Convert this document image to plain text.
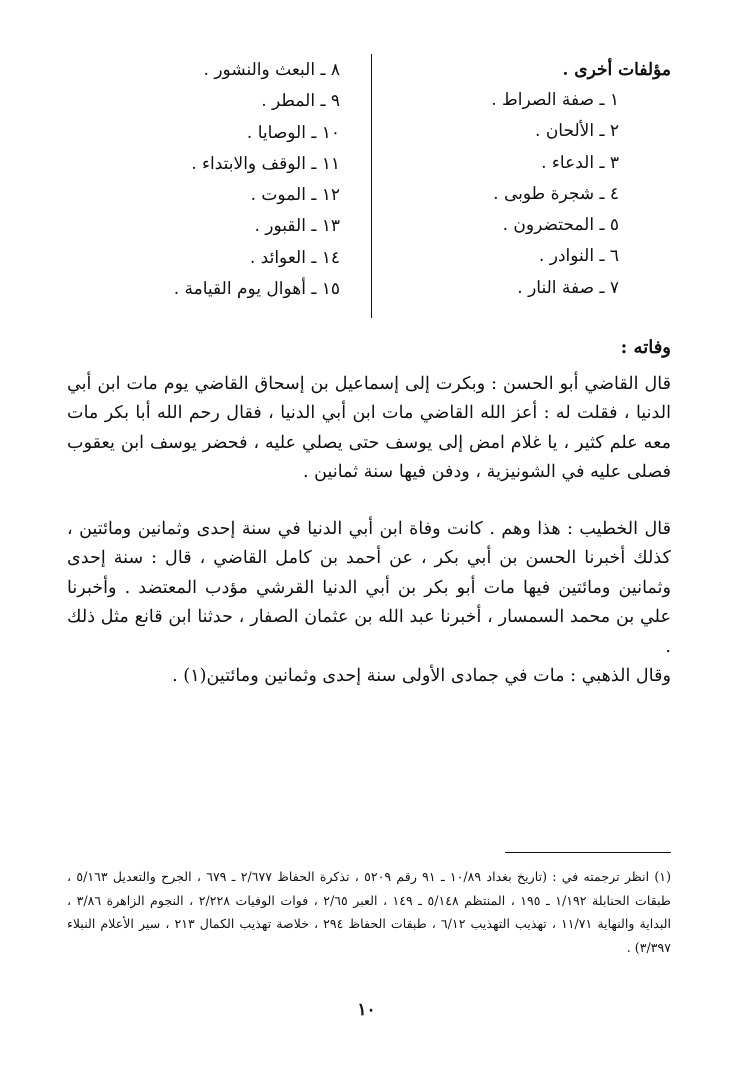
مؤلفات أخرى .
١ ـ صفة الصراط .
٢ ـ الألحان .
٣ ـ الدعاء .
٤ ـ شجرة طوبى .
٥ ـ المحتضرون .
٦ ـ النوادر .
٧ ـ صفة النار .
٨ ـ البعث والنشور .
٩ ـ المطر .
١٠ ـ الوصايا .
١١ ـ الوقف والابتداء .
١٢ ـ الموت .
١٣ ـ القبور .
١٤ ـ العوائد .
١٥ ـ أهوال يوم القيامة .
وفاته :

قال القاضي أبو الحسن : وبكرت إلى إسماعيل بن إسحاق القاضي يوم مات ابن أبي الدنيا ، فقلت له : أعز الله القاضي مات ابن أبي الدنيا ، فقال رحم الله أبا بكر مات معه علم كثير ، يا غلام امض إلى يوسف حتى يصلي عليه ، فحضر يوسف ابن يعقوب فصلى عليه في الشونيزية ، ودفن فيها سنة ثمانين .

قال الخطيب : هذا وهم . كانت وفاة ابن أبي الدنيا في سنة إحدى وثمانين ومائتين ، كذلك أخبرنا الحسن بن أبي بكر ، عن أحمد بن كامل القاضي ، قال : سنة إحدى وثمانين ومائتين فيها مات أبو بكر بن أبي الدنيا القرشي مؤدب المعتضد . وأخبرنا علي بن محمد السمسار ، أخبرنا عبد الله بن عثمان الصفار ، حدثنا ابن قانع مثل ذلك .

وقال الذهبي : مات في جمادى الأولى سنة إحدى وثمانين ومائتين(١) .

(١) انظر ترجمته في : (تاريخ بغداد ١٠/٨٩ ـ ٩١ رقم ٥٢٠٩ ، تذكرة الحفاظ ٢/٦٧٧ ـ ٦٧٩ ، الجرح والتعديل ٥/١٦٣ ، طبقات الحنابلة ١/١٩٢ ـ ١٩٥ ، المنتظم ٥/١٤٨ ـ ١٤٩ ، العبر ٢/٦٥ ، فوات الوفيات ٢/٢٢٨ ، النجوم الزاهرة ٣/٨٦ ، البداية والنهاية ١١/٧١ ، تهذيب التهذيب ٦/١٢ ، طبقات الحفاظ ٢٩٤ ، خلاصة تهذيب الكمال ٢١٣ ، سير الأعلام النبلاء ٣/٣٩٧) .

١٠
